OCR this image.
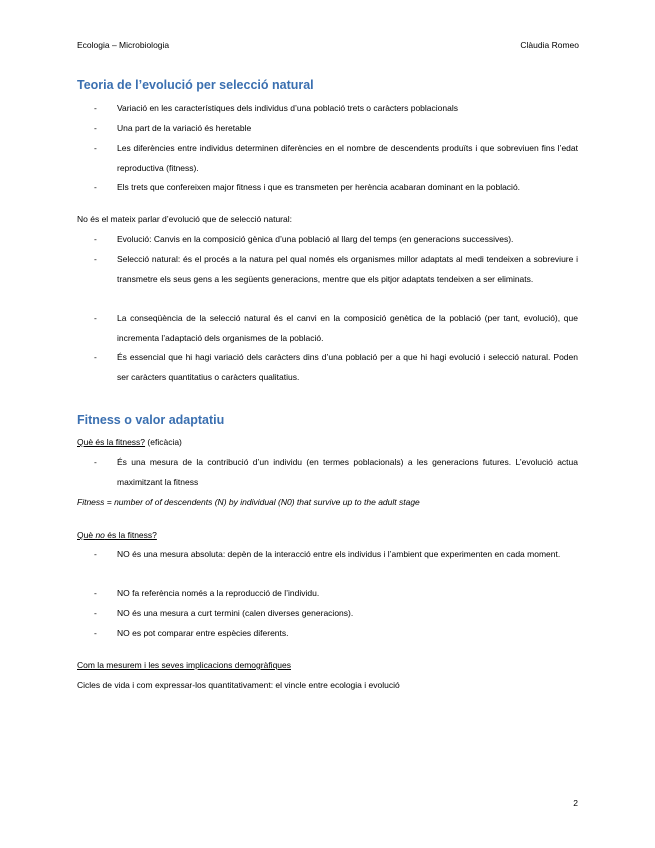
Ecologia – Microbiologia	Clàudia Romeo
Teoria de l’evolució per selecció natural
- Variació en les característiques dels individus d’una població trets o caràcters poblacionals
- Una part de la variació és heretable
- Les diferències entre individus determinen diferències en el nombre de descendents produïts i que sobreviuen fins l’edat reproductiva (fitness).
- Els trets que confereixen major fitness i que es transmeten per herència acabaran dominant en la població.
No és el mateix parlar d’evolució que de selecció natural:
- Evolució: Canvis en la composició gènica d’una població al llarg del temps (en generacions successives).
- Selecció natural: és el procés a la natura pel qual només els organismes millor adaptats al medi tendeixen a sobreviure i transmetre els seus gens a les següents generacions, mentre que els pitjor adaptats tendeixen a ser eliminats.
- La conseqüència de la selecció natural és el canvi en la composició genètica de la població (per tant, evolució), que incrementa l’adaptació dels organismes de la població.
- És essencial que hi hagi variació dels caràcters dins d’una població per a que hi hagi evolució i selecció natural. Poden ser caràcters quantitatius o caràcters qualitatius.
Fitness o valor adaptatiu
Què és la fitness? (eficàcia)
- És una mesura de la contribució d’un individu (en termes poblacionals) a les generacions futures. L’evolució actua maximitzant la fitness
Fitness = number of of descendents (N) by individual (N0) that survive up to the adult stage
Què no és la fitness?
- NO és una mesura absoluta: depèn de la interacció entre els individus i l’ambient que experimenten en cada moment.
- NO fa referència només a la reproducció de l’individu.
- NO és una mesura a curt termini (calen diverses generacions).
- NO es pot comparar entre espècies diferents.
Com la mesurem i les seves implicacions demogràfiques
Cicles de vida i com expressar-los quantitativament: el vincle entre ecologia i evolució
2
